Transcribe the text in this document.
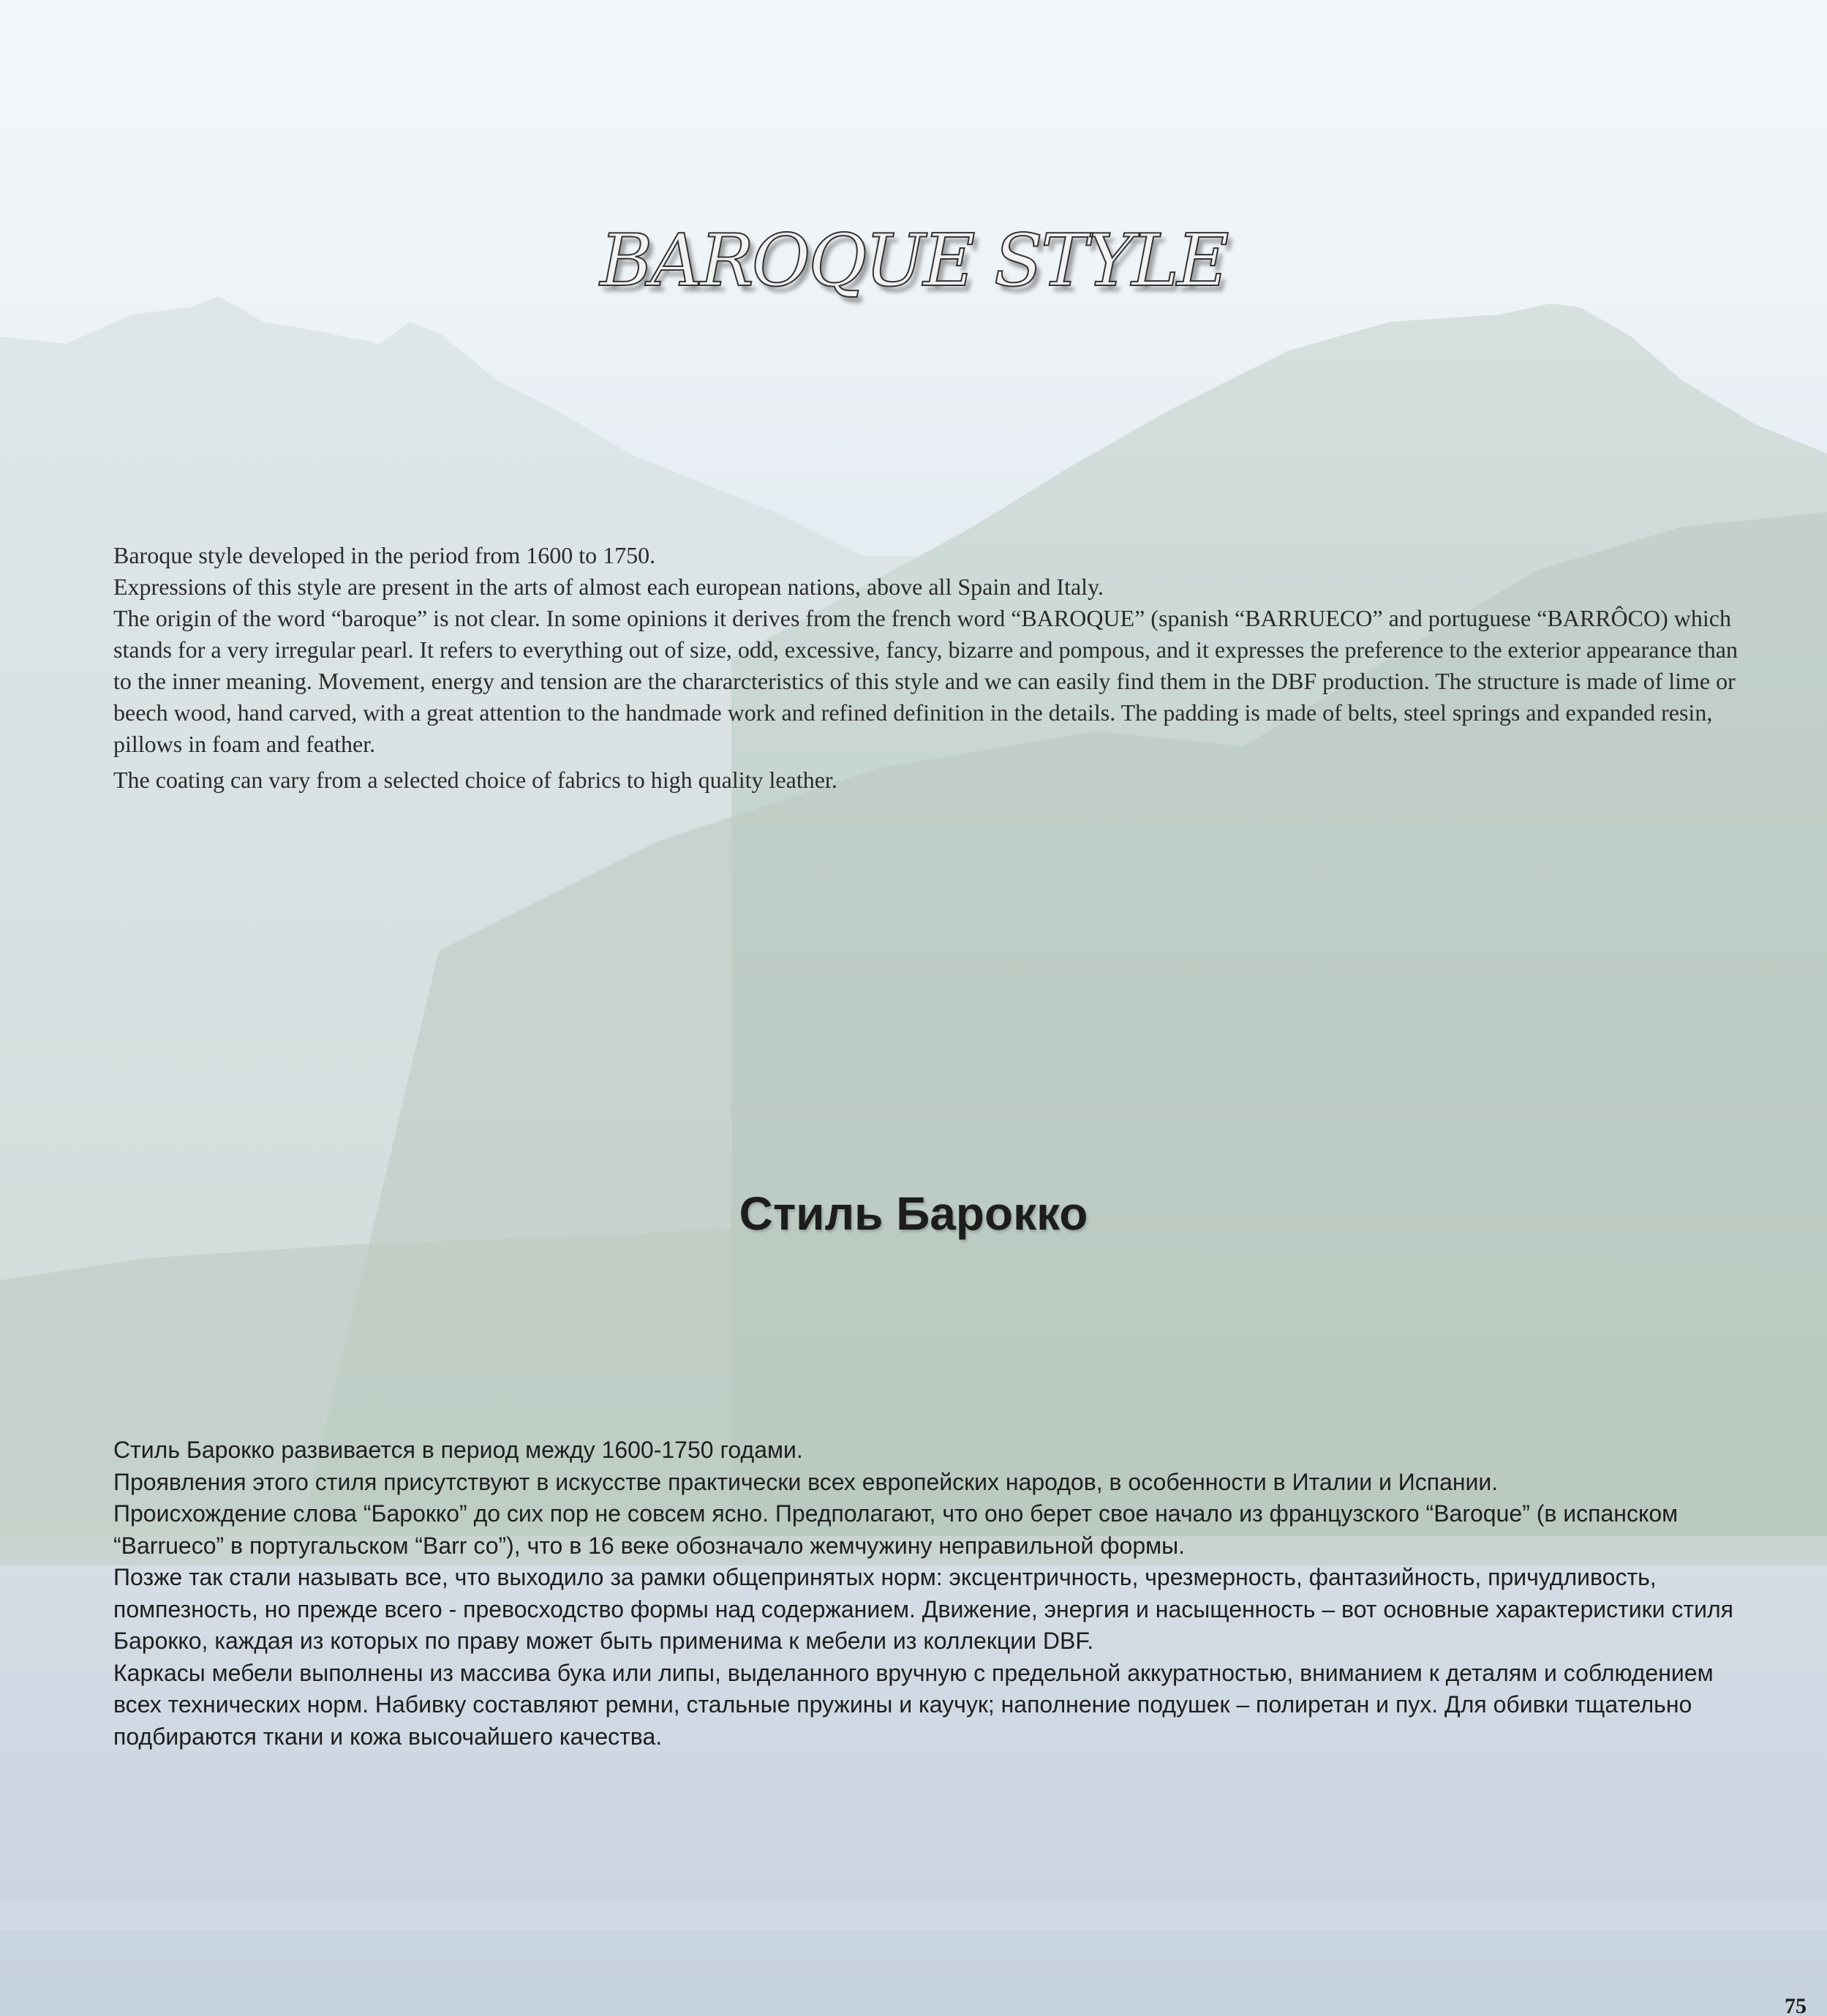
BAROQUE STYLE

Baroque style developed in the period from 1600 to 1750.

Expressions of this style are present in the arts of almost each european nations, above all Spain and Italy.

The origin of the word “baroque” is not clear. In some opinions it derives from the french word “BAROQUE” (spanish “BARRUECO” and portuguese “BARRÔCO) which stands for a very irregular pearl. It refers to everything out of size, odd, excessive, fancy, bizarre and pompous, and it expresses the preference to the exterior appearance than to the inner meaning. Movement, energy and tension are the chararcteristics of this style and we can easily find them in the DBF production. The structure is made of lime or beech wood, hand carved, with a great attention to the handmade work and refined definition in the details. The padding is made of belts, steel springs and expanded resin, pillows in foam and feather.

The coating can vary from a selected choice of fabrics to high quality leather.

Стиль Барокко

Стиль Барокко развивается в период между 1600-1750 годами.

Проявления этого стиля присутствуют в искусстве практически всех европейских народов, в особенности в Италии и Испании.

Происхождение слова “Барокко” до сих пор не совсем ясно. Предполагают, что оно берет свое начало из французского “Baroque” (в испанском “Barrueco” в португальском “Barr со”), что в 16 веке обозначало жемчужину неправильной формы.

Позже так стали называть все, что выходило за рамки общепринятых норм: эксцентричность, чрезмерность, фантазийность, причудливость, помпезность, но прежде всего - превосходство формы над содержанием. Движение, энергия и насыщенность – вот основные характеристики стиля Барокко, каждая из которых по праву может быть применима к мебели из коллекции DBF.

Каркасы мебели выполнены из массива бука или липы, выделанного вручную с предельной аккуратностью, вниманием к деталям и соблюдением всех технических норм. Набивку составляют ремни, стальные пружины и каучук; наполнение подушек – полиретан и пух. Для обивки тщательно подбираются ткани и кожа высочайшего качества.

75
